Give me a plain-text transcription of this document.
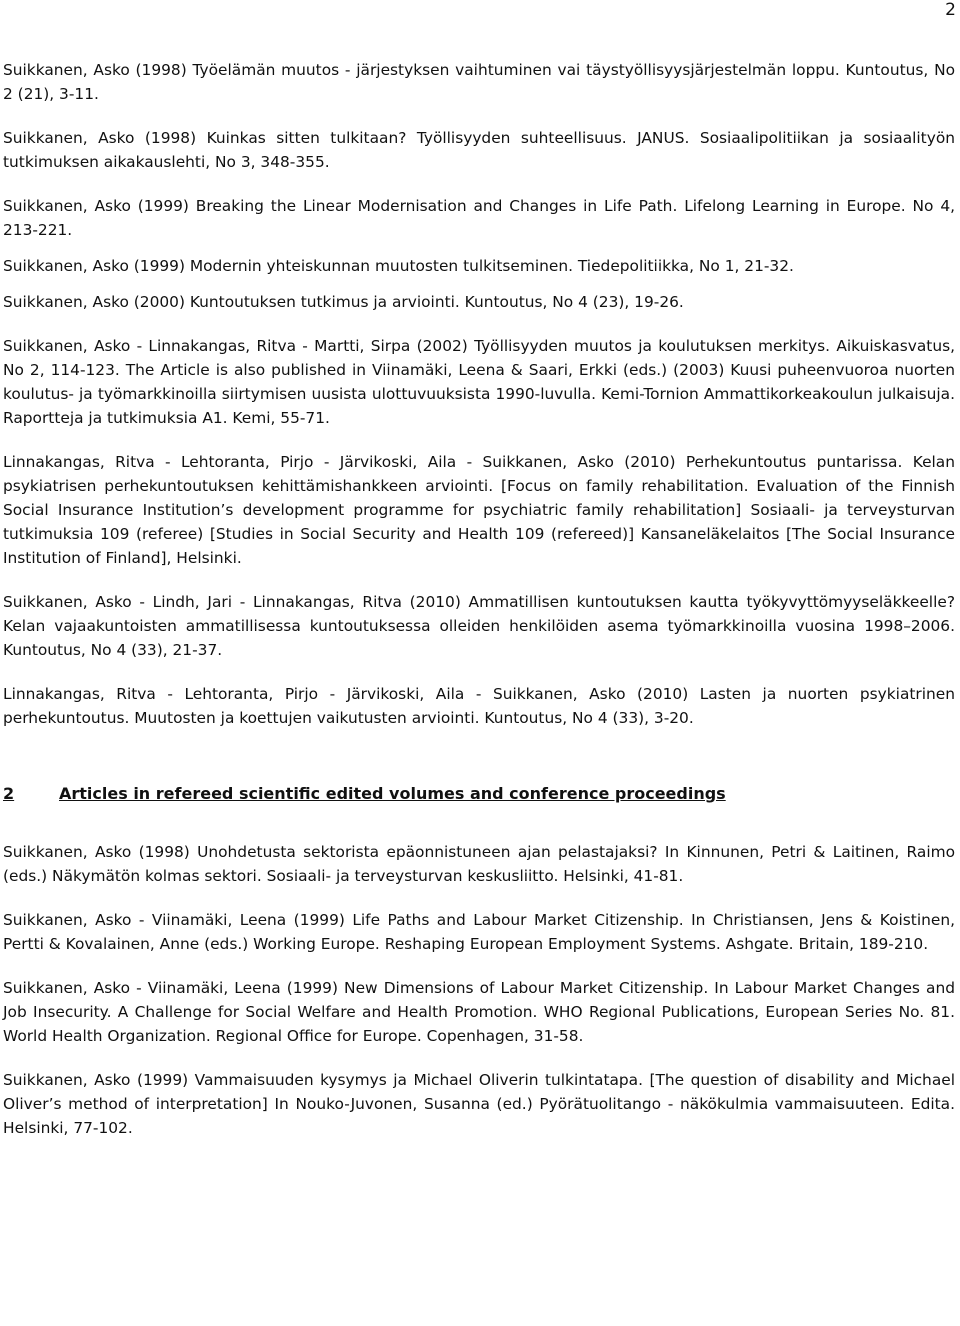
2

Suikkanen, Asko (1998) Työelämän muutos - järjestyksen vaihtuminen vai täystyöllisyysjärjestelmän loppu. Kuntoutus, No 2 (21), 3-11.

Suikkanen, Asko (1998) Kuinkas sitten tulkitaan? Työllisyyden suhteellisuus. JANUS. Sosiaalipolitiikan ja sosiaalityön tutkimuksen aikakauslehti, No 3, 348-355.

Suikkanen, Asko (1999) Breaking the Linear Modernisation and Changes in Life Path. Lifelong Learning in Europe. No 4, 213-221.

Suikkanen, Asko (1999) Modernin yhteiskunnan muutosten tulkitseminen. Tiedepolitiikka, No 1, 21-32.

Suikkanen, Asko (2000) Kuntoutuksen tutkimus ja arviointi. Kuntoutus, No 4 (23), 19-26.

Suikkanen, Asko - Linnakangas, Ritva - Martti, Sirpa (2002) Työllisyyden muutos ja koulutuksen merkitys. Aikuiskasvatus, No 2, 114-123. The Article is also published in Viinamäki, Leena & Saari, Erkki (eds.) (2003) Kuusi puheenvuoroa nuorten koulutus- ja työmarkkinoilla siirtymisen uusista ulottuvuuksista 1990-luvulla. Kemi-Tornion Ammattikorkeakoulun julkaisuja. Raportteja ja tutkimuksia A1. Kemi, 55-71.

Linnakangas, Ritva - Lehtoranta, Pirjo - Järvikoski, Aila - Suikkanen, Asko (2010) Perhekuntoutus puntarissa. Kelan psykiatrisen perhekuntoutuksen kehittämishankkeen arviointi. [Focus on family rehabilitation. Evaluation of the Finnish Social Insurance Institution’s development programme for psychiatric family rehabilitation] Sosiaali- ja terveysturvan tutkimuksia 109 (referee) [Studies in Social Security and Health 109 (refereed)] Kansaneläkelaitos [The Social Insurance Institution of Finland], Helsinki.

Suikkanen, Asko - Lindh, Jari - Linnakangas, Ritva (2010) Ammatillisen kuntoutuksen kautta työkyvyttömyyseläkkeelle? Kelan vajaakuntoisten ammatillisessa kuntoutuksessa olleiden henkilöiden asema työmarkkinoilla vuosina 1998–2006. Kuntoutus, No 4 (33), 21-37.

Linnakangas, Ritva - Lehtoranta, Pirjo - Järvikoski, Aila - Suikkanen, Asko (2010) Lasten ja nuorten psykiatrinen perhekuntoutus. Muutosten ja koettujen vaikutusten arviointi. Kuntoutus, No 4 (33), 3-20.

2	Articles in refereed scientific edited volumes and conference proceedings

Suikkanen, Asko (1998) Unohdetusta sektorista epäonnistuneen ajan pelastajaksi? In Kinnunen, Petri & Laitinen, Raimo (eds.) Näkymätön kolmas sektori. Sosiaali- ja terveysturvan keskusliitto. Helsinki, 41-81.

Suikkanen, Asko - Viinamäki, Leena (1999) Life Paths and Labour Market Citizenship. In Christiansen, Jens & Koistinen, Pertti & Kovalainen, Anne (eds.) Working Europe. Reshaping European Employment Systems. Ashgate. Britain, 189-210.

Suikkanen, Asko - Viinamäki, Leena (1999) New Dimensions of Labour Market Citizenship. In Labour Market Changes and Job Insecurity. A Challenge for Social Welfare and Health Promotion. WHO Regional Publications, European Series No. 81. World Health Organization. Regional Office for Europe. Copenhagen, 31-58.

Suikkanen, Asko (1999) Vammaisuuden kysymys ja Michael Oliverin tulkintatapa. [The question of disability and Michael Oliver’s method of interpretation] In Nouko-Juvonen, Susanna (ed.) Pyörätuolitango - näkökulmia vammaisuuteen. Edita. Helsinki, 77-102.
